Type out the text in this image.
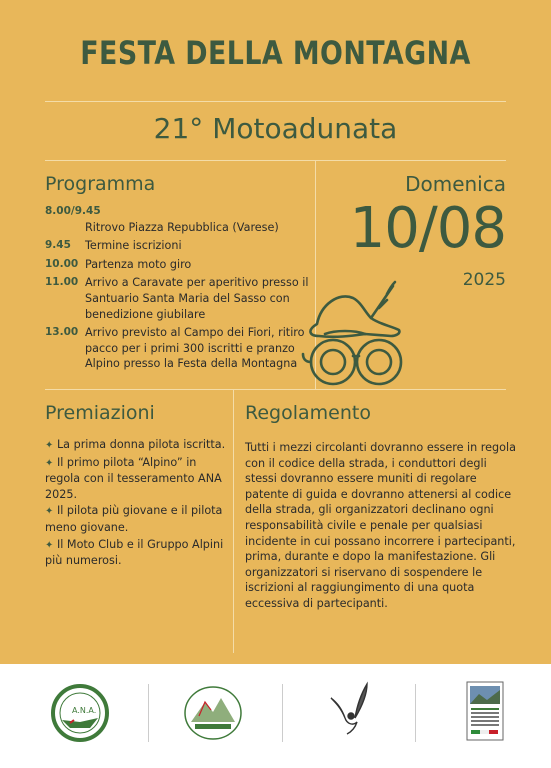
FESTA DELLA MONTAGNA
21° Motoadunata
Programma
8.00/9.45
Ritrovo Piazza Repubblica (Varese)
9.45	Termine iscrizioni
10.00 Partenza moto giro
11.00 Arrivo a Caravate per aperitivo presso il Santuario Santa Maria del Sasso con benedizione giubilare
13.00 Arrivo previsto al Campo dei Fiori, ritiro pacco per i primi 300 iscritti e pranzo Alpino presso la Festa della Montagna
Domenica
10/08
2025
Premiazioni
✦ La prima donna pilota iscritta.
✦ Il primo pilota “Alpino” in regola con il tesseramento ANA 2025.
✦ Il pilota più giovane e il pilota meno giovane.
✦ Il Moto Club e il Gruppo Alpini più numerosi.
Regolamento
Tutti i mezzi circolanti dovranno essere in regola con il codice della strada, i conduttori degli stessi dovranno essere muniti di regolare patente di guida e dovranno attenersi al codice della strada, gli organizzatori declinano ogni responsabilità civile e penale per qualsiasi incidente in cui possano incorrere i partecipanti, prima, durante e dopo la manifestazione. Gli organizzatori si riservano di sospendere le iscrizioni al raggiungimento di una quota eccessiva di partecipanti.
A.N.A.
